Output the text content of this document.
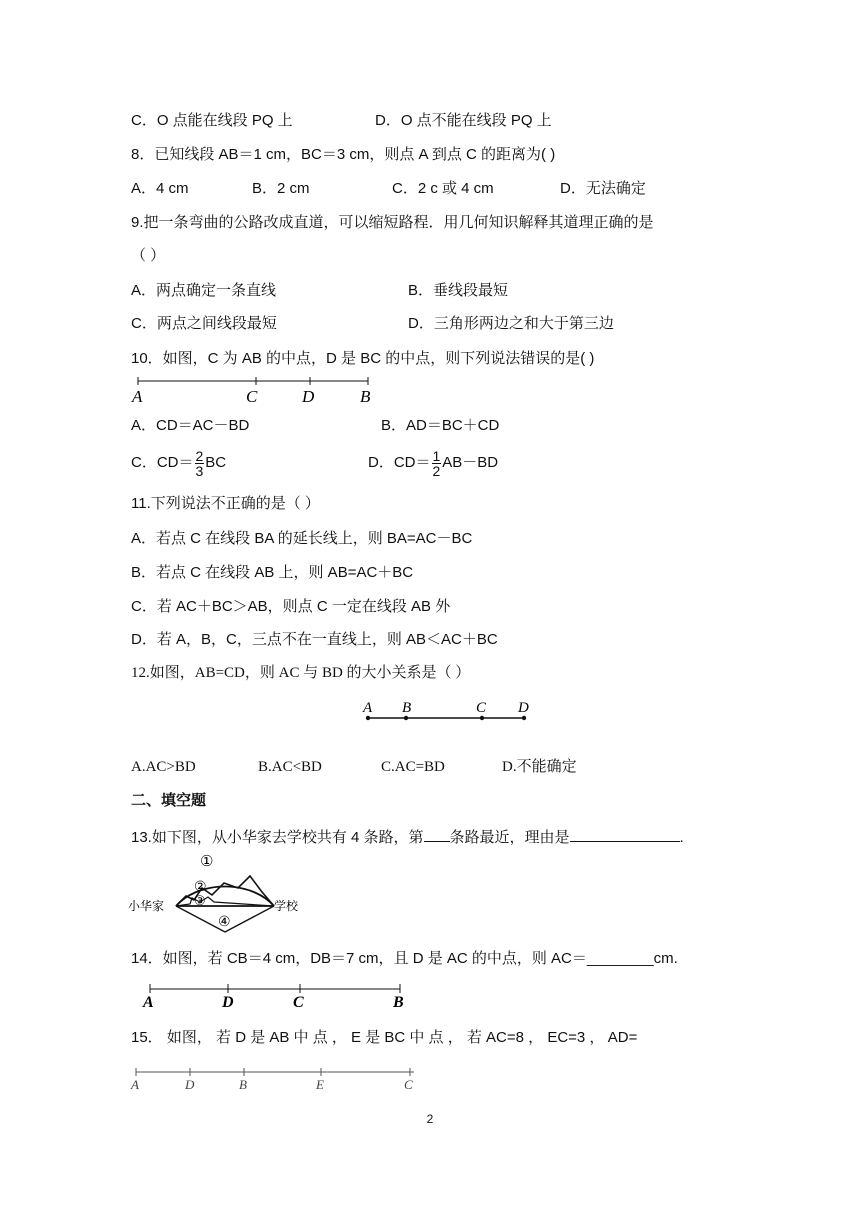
C．O 点能在线段 PQ 上	D．O 点不能在线段 PQ 上
8．已知线段 AB＝1 cm，BC＝3 cm，则点 A 到点 C 的距离为( )
A．4 cm	B．2 cm	C．2 c 或 4 cm	D．无法确定
9.把一条弯曲的公路改成直道，可以缩短路程．用几何知识解释其道理正确的是
（ ）
A．两点确定一条直线	B．垂线段最短
C．两点之间线段最短	D．三角形两边之和大于第三边
10．如图，C 为 AB 的中点，D 是 BC 的中点，则下列说法错误的是( )
A	C	D	B
A．CD＝AC－BD	B．AD＝BC＋CD
C．$CD= \frac{2}{3}$ BC	D．$CD= \frac{1}{2} AB-BD$
11.下列说法不正确的是（ ）
A．若点 C 在线段 BA 的延长线上，则 BA=AC－BC
B．若点 C 在线段 AB 上，则 AB=AC＋BC
C．若 AC＋BC＞AB，则点 C 一定在线段 AB 外
D．若 A，B，C，三点不在一直线上，则 AB＜AC＋BC
12.如图，AB=CD，则 AC 与 BD 的大小关系是（ ）
A B	C D
A.AC>BD	B.AC<BD	C.AC=BD	D.不能确定
二、填空题
13.如下图，从小华家去学校共有 4 条路，第 条路最近，理由是	.
①
②
③
④
小华家	学校
14．如图，若 CB＝4 cm，DB＝7 cm，且 D 是 AC 的中点，则 AC＝________cm.
A	D	C	B
15． 如图， 若 D 是 AB 中 点 ， E 是 BC 中 点 ， 若 AC=8 ， EC=3 ， AD=
A	D	B	E	C
2
